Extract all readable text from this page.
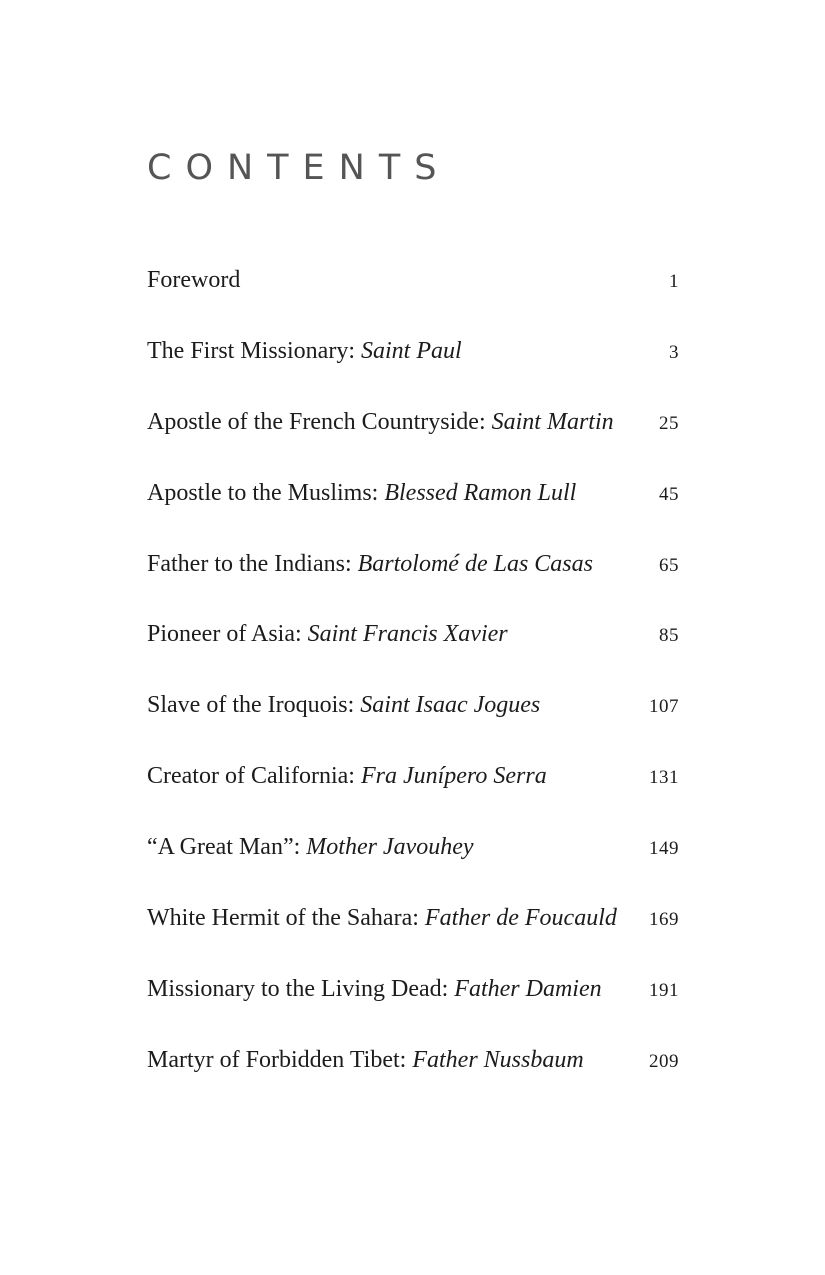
CONTENTS
Foreword	1
The First Missionary: Saint Paul	3
Apostle of the French Countryside: Saint Martin 25
Apostle to the Muslims: Blessed Ramon Lull	45
Father to the Indians: Bartolomé de Las Casas	65
Pioneer of Asia: Saint Francis Xavier	85
Slave of the Iroquois: Saint Isaac Jogues	107
Creator of California: Fra Junípero Serra	131
“A Great Man”: Mother Javouhey	149
White Hermit of the Sahara: Father de Foucauld 169
Missionary to the Living Dead: Father Damien 191
Martyr of Forbidden Tibet: Father Nussbaum	209
